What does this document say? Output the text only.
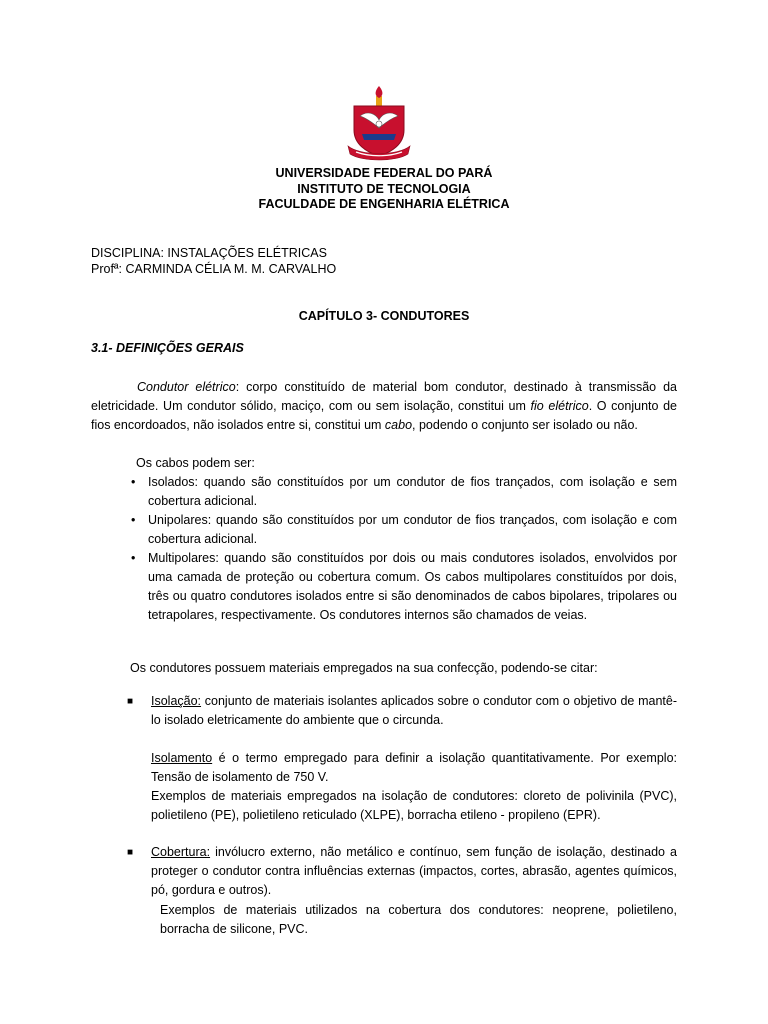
UNIVERSIDADE FEDERAL DO PARÁ
INSTITUTO DE TECNOLOGIA
FACULDADE DE ENGENHARIA ELÉTRICA
DISCIPLINA: INSTALAÇÕES ELÉTRICAS
Profª: CARMINDA CÉLIA M. M. CARVALHO
CAPÍTULO 3- CONDUTORES
3.1- DEFINIÇÕES GERAIS
Condutor elétrico: corpo constituído de material bom condutor, destinado à transmissão da eletricidade. Um condutor sólido, maciço, com ou sem isolação, constitui um fio elétrico. O conjunto de fios encordoados, não isolados entre si, constitui um cabo, podendo o conjunto ser isolado ou não.
Os cabos podem ser:
• Isolados: quando são constituídos por um condutor de fios trançados, com isolação e sem cobertura adicional.
• Unipolares: quando são constituídos por um condutor de fios trançados, com isolação e com cobertura adicional.
• Multipolares: quando são constituídos por dois ou mais condutores isolados, envolvidos por uma camada de proteção ou cobertura comum. Os cabos multipolares constituídos por dois, três ou quatro condutores isolados entre si são denominados de cabos bipolares, tripolares ou tetrapolares, respectivamente. Os condutores internos são chamados de veias.
Os condutores possuem materiais empregados na sua confecção, podendo-se citar:
■ Isolação: conjunto de materiais isolantes aplicados sobre o condutor com o objetivo de mantê-lo isolado eletricamente do ambiente que o circunda.
Isolamento é o termo empregado para definir a isolação quantitativamente. Por exemplo: Tensão de isolamento de 750 V.
Exemplos de materiais empregados na isolação de condutores: cloreto de polivinila (PVC), polietileno (PE), polietileno reticulado (XLPE), borracha etileno - propileno (EPR).
■ Cobertura: invólucro externo, não metálico e contínuo, sem função de isolação, destinado a proteger o condutor contra influências externas (impactos, cortes, abrasão, agentes químicos, pó, gordura e outros).
Exemplos de materiais utilizados na cobertura dos condutores: neoprene, polietileno, borracha de silicone, PVC.
